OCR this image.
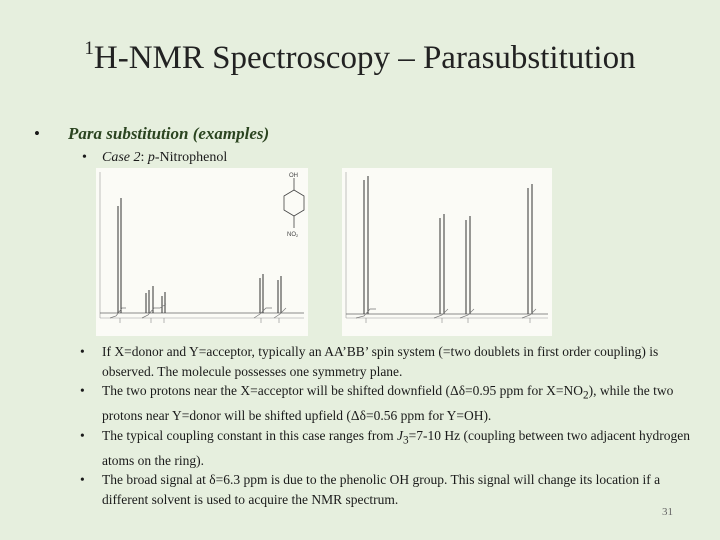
$^1$H-NMR Spectroscopy – Parasubstitution
• Para substitution (examples)
• Case 2: p-Nitrophenol
OH
NO2
• If X=donor and Y=acceptor, typically an AA’BB’ spin system (=two doublets in first order coupling) is observed. The molecule possesses one symmetry plane.
• The two protons near the X=acceptor will be shifted downfield (Δδ=0.95 ppm for $X=NO_2$), while the two protons near Y=donor will be shifted upfield (Δδ=0.56 ppm for Y=OH).
• The typical coupling constant in this case ranges from $J_3=7-10$ Hz (coupling between two adjacent hydrogen atoms on the ring).
• The broad signal at δ=6.3 ppm is due to the phenolic OH group. This signal will change its location if a different solvent is used to acquire the NMR spectrum.
31
